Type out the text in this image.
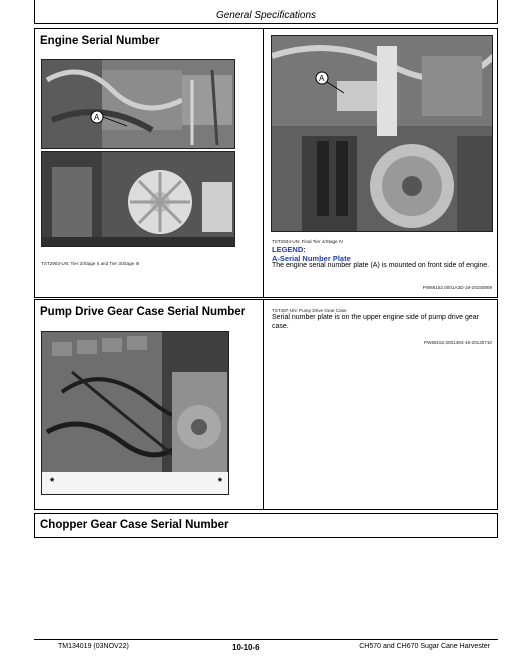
General Specifications
Engine Serial Number
A
TST2903-UN: Tier 2/Stage II and Tier 3/Stage III
A
TST2934-UN: Final Tier 4/Stage IV
LEGEND:
A-Serial Number Plate
The engine serial number plate (A) is mounted on front side of engine.
PW66152,0001A3D-19-20150909
Pump Drive Gear Case Serial Number
*	*
TST487-UN: Pump Drive Gear Case
Serial number plate is on the upper engine side of pump drive gear case.
PW66152,0001483-19-20140710
Chopper Gear Case Serial Number
TM134019 (03NOV22)	10-10-6	CH570 and CH670 Sugar Cane Harvester
